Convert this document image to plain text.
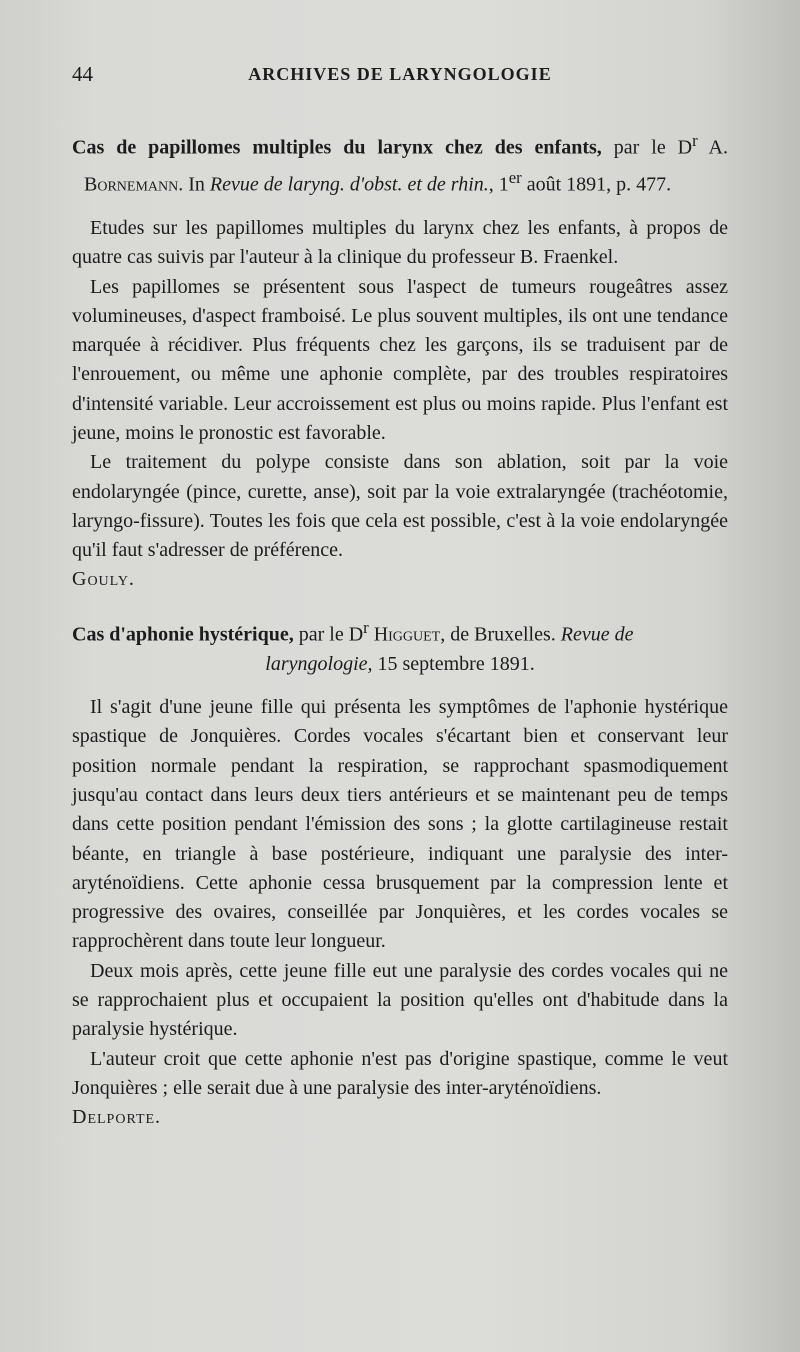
44	ARCHIVES DE LARYNGOLOGIE

Cas de papillomes multiples du larynx chez des enfants, par le $D^r$ A. Bornemann. In Revue de laryng. d'obst. et de rhin., 1er août 1891, p. 477.

Etudes sur les papillomes multiples du larynx chez les enfants, à propos de quatre cas suivis par l'auteur à la clinique du professeur B. Fraenkel.

Les papillomes se présentent sous l'aspect de tumeurs rougeâtres assez volumineuses, d'aspect framboisé. Le plus souvent multiples, ils ont une tendance marquée à récidiver. Plus fréquents chez les garçons, ils se traduisent par de l'enrouement, ou même une aphonie complète, par des troubles respiratoires d'intensité variable. Leur accroissement est plus ou moins rapide. Plus l'enfant est jeune, moins le pronostic est favorable.

Le traitement du polype consiste dans son ablation, soit par la voie endolaryngée (pince, curette, anse), soit par la voie extralaryngée (trachéotomie, laryngo-fissure). Toutes les fois que cela est possible, c'est à la voie endolaryngée qu'il faut s'adresser de préférence.

Gouly.

Cas d'aphonie hystérique, par le $D^r$ Higguet, de Bruxelles. Revue de

laryngologie, 15 septembre 1891.

Il s'agit d'une jeune fille qui présenta les symptômes de l'aphonie hystérique spastique de Jonquières. Cordes vocales s'écartant bien et conservant leur position normale pendant la respiration, se rapprochant spasmodiquement jusqu'au contact dans leurs deux tiers antérieurs et se maintenant peu de temps dans cette position pendant l'émission des sons ; la glotte cartilagineuse restait béante, en triangle à base postérieure, indiquant une paralysie des inter-aryténoïdiens. Cette aphonie cessa brusquement par la compression lente et progressive des ovaires, conseillée par Jonquières, et les cordes vocales se rapprochèrent dans toute leur longueur.

Deux mois après, cette jeune fille eut une paralysie des cordes vocales qui ne se rapprochaient plus et occupaient la position qu'elles ont d'habitude dans la paralysie hystérique.

L'auteur croit que cette aphonie n'est pas d'origine spastique, comme le veut Jonquières ; elle serait due à une paralysie des inter-aryténoïdiens.

Delporte.
